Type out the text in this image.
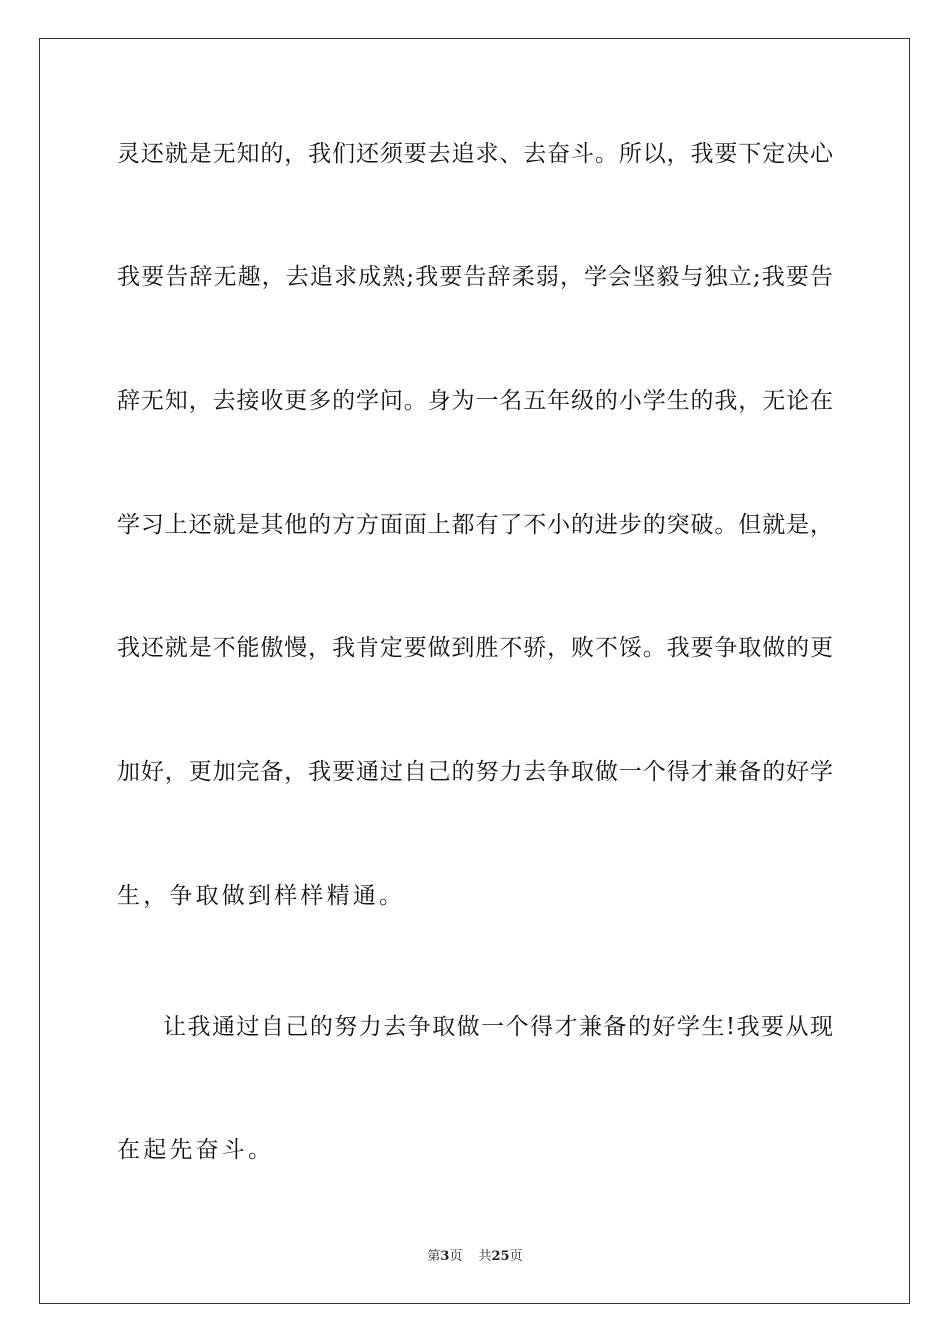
灵还就是无知的，我们还须要去追求、去奋斗。所以，我要下定决心
我要告辞无趣，去追求成熟;我要告辞柔弱，学会坚毅与独立;我要告
辞无知，去接收更多的学问。身为一名五年级的小学生的我，无论在
学习上还就是其他的方方面面上都有了不小的进步的突破。但就是，
我还就是不能傲慢，我肯定要做到胜不骄，败不馁。我要争取做的更
加好，更加完备，我要通过自己的努力去争取做一个得才兼备的好学
生，争取做到样样精通。
让我通过自己的努力去争取做一个得才兼备的好学生!我要从现
在起先奋斗。
第3页 共25页
